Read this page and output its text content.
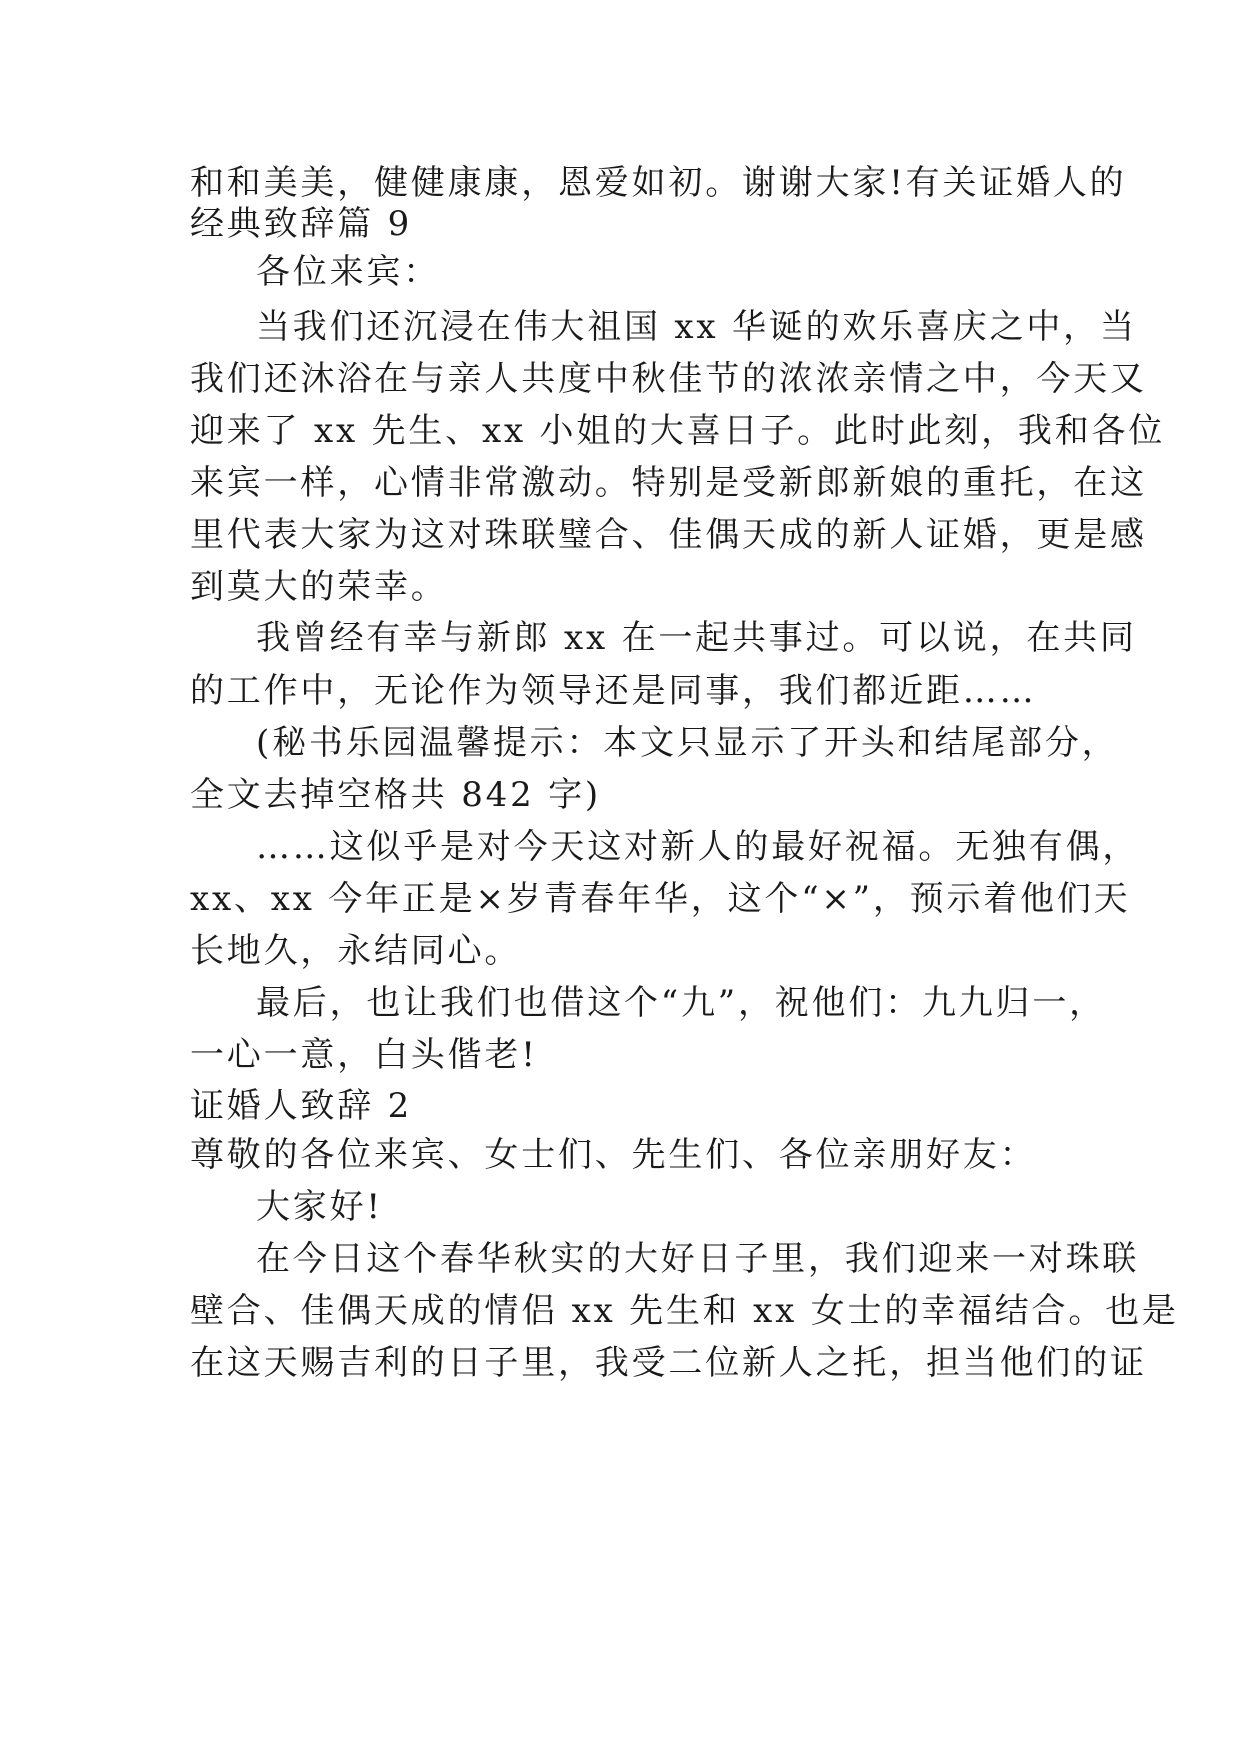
和和美美，健健康康，恩爱如初。谢谢大家!有关证婚人的
经典致辞篇 9
各位来宾：
当我们还沉浸在伟大祖国 xx 华诞的欢乐喜庆之中，当
我们还沐浴在与亲人共度中秋佳节的浓浓亲情之中，今天又
迎来了 xx 先生、xx 小姐的大喜日子。此时此刻，我和各位
来宾一样，心情非常激动。特别是受新郎新娘的重托，在这
里代表大家为这对珠联璧合、佳偶天成的新人证婚，更是感
到莫大的荣幸。
我曾经有幸与新郎 xx 在一起共事过。可以说，在共同
的工作中，无论作为领导还是同事，我们都近距……
(秘书乐园温馨提示：本文只显示了开头和结尾部分，
全文去掉空格共 842 字)
……这似乎是对今天这对新人的最好祝福。无独有偶，
xx、xx 今年正是×岁青春年华，这个“×”，预示着他们天
长地久，永结同心。
最后，也让我们也借这个“九”，祝他们：九九归一，
一心一意，白头偕老!
证婚人致辞 2
尊敬的各位来宾、女士们、先生们、各位亲朋好友：
大家好!
在今日这个春华秋实的大好日子里，我们迎来一对珠联
壁合、佳偶天成的情侣 xx 先生和 xx 女士的幸福结合。也是
在这天赐吉利的日子里，我受二位新人之托，担当他们的证
